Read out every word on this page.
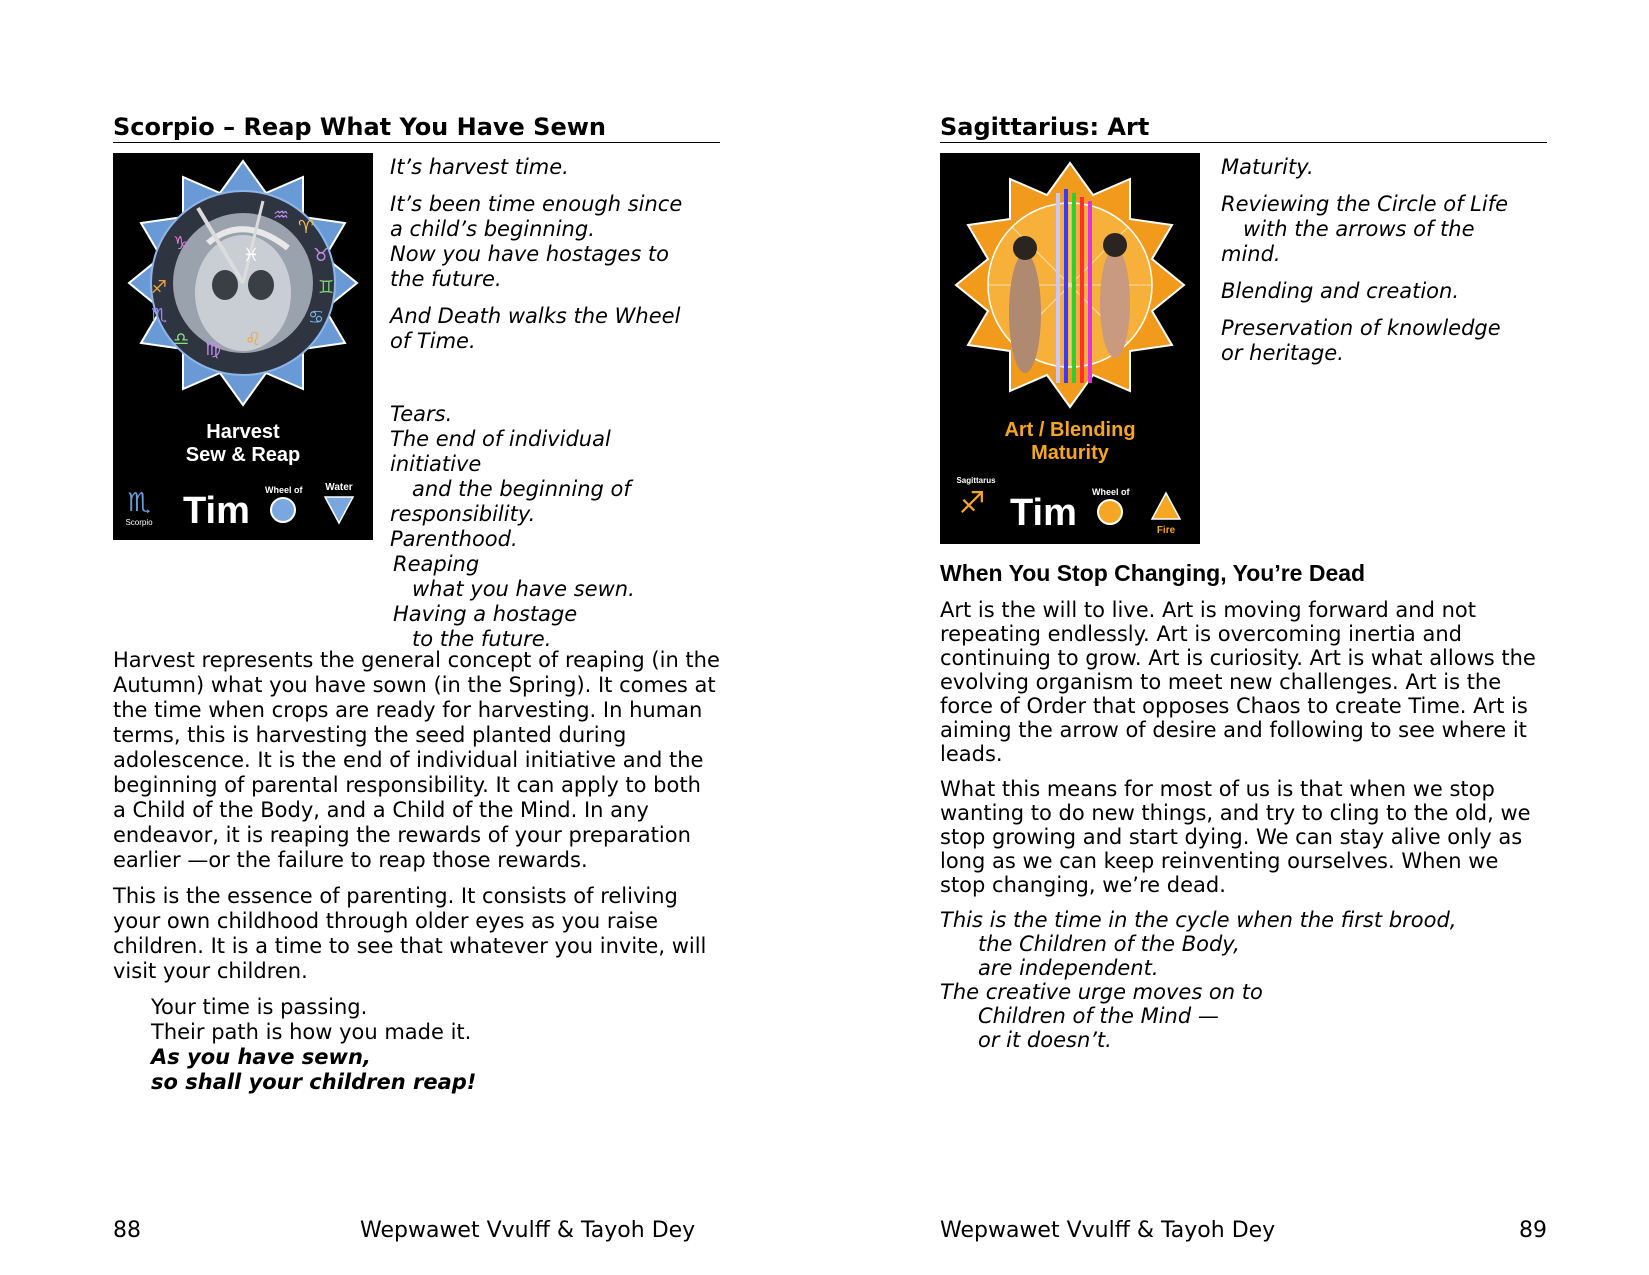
Scorpio – Reap What You Have Sewn
♒
♈
♉
♊
♋
♓
♑
♐
♏
♎ ♍ ♌
Harvest
Sew & Reap
♏
Scorpio Tim Wheel of Water

It’s harvest time.

It’s been time enough since
a child’s beginning.
Now you have hostages to
the future.

And Death walks the Wheel
of Time.

Tears.
The end of individual
initiative
and the beginning of
responsibility.
Parenthood.
Reaping
what you have sewn.
Having a hostage
to the future.

Harvest represents the general concept of reaping (in the Autumn) what you have sown (in the Spring). It comes at the time when crops are ready for harvesting. In human terms, this is harvesting the seed planted during adolescence. It is the end of individual initiative and the beginning of parental responsibility. It can apply to both a Child of the Body, and a Child of the Mind. In any endeavor, it is reaping the rewards of your preparation earlier —or the failure to reap those rewards.

This is the essence of parenting. It consists of reliving your own childhood through older eyes as you raise children. It is a time to see that whatever you invite, will visit your children.

Your time is passing.
Their path is how you made it.
As you have sewn,
so shall your children reap!
88	Wepwawet Vvulff & Tayoh Dey
Sagittarius: Art
Art / Blending
Maturity
Sagittarus
♐ Tim Wheel of
Fire

Maturity.

Reviewing the Circle of Life
with the arrows of the
mind.

Blending and creation.

Preservation of knowledge
or heritage.

When You Stop Changing, You’re Dead

Art is the will to live. Art is moving forward and not repeating endlessly. Art is overcoming inertia and continuing to grow. Art is curiosity. Art is what allows the evolving organism to meet new challenges. Art is the force of Order that opposes Chaos to create Time. Art is aiming the arrow of desire and following to see where it leads.

What this means for most of us is that when we stop wanting to do new things, and try to cling to the old, we stop growing and start dying. We can stay alive only as long as we can keep reinventing ourselves. When we stop changing, we’re dead.

This is the time in the cycle when the first brood,
the Children of the Body,
are independent.
The creative urge moves on to
Children of the Mind —
or it doesn’t.
Wepwawet Vvulff & Tayoh Dey	89
